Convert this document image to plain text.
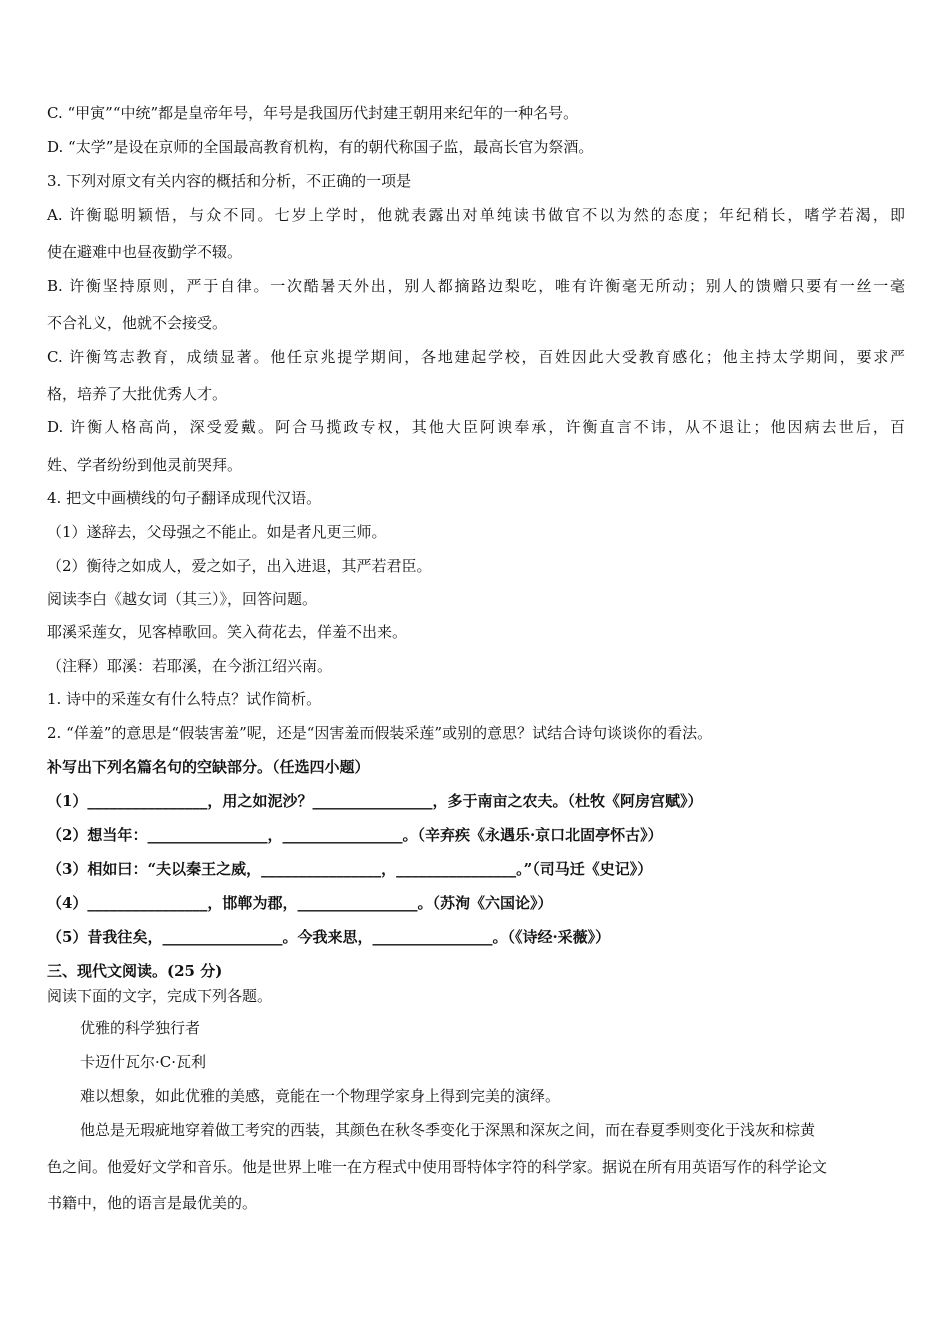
C. “甲寅”“中统”都是皇帝年号，年号是我国历代封建王朝用来纪年的一种名号。
D. “太学”是设在京师的全国最高教育机构，有的朝代称国子监，最高长官为祭酒。
3. 下列对原文有关内容的概括和分析，不正确的一项是
A. 许衡聪明颖悟，与众不同。七岁上学时，他就表露出对单纯读书做官不以为然的态度；年纪稍长，嗜学若渴，即
使在避难中也昼夜勤学不辍。
B. 许衡坚持原则，严于自律。一次酷暑天外出，别人都摘路边梨吃，唯有许衡毫无所动；别人的馈赠只要有一丝一毫
不合礼义，他就不会接受。
C. 许衡笃志教育，成绩显著。他任京兆提学期间，各地建起学校，百姓因此大受教育感化；他主持太学期间，要求严
格，培养了大批优秀人才。
D. 许衡人格高尚，深受爱戴。阿合马揽政专权，其他大臣阿谀奉承，许衡直言不讳，从不退让；他因病去世后，百
姓、学者纷纷到他灵前哭拜。
4. 把文中画横线的句子翻译成现代汉语。
（1）遂辞去，父母强之不能止。如是者凡更三师。
（2）衡待之如成人，爱之如子，出入进退，其严若君臣。
阅读李白《越女词（其三）》，回答问题。
耶溪采莲女，见客棹歌回。笑入荷花去，佯羞不出来。
（注释）耶溪：若耶溪，在今浙江绍兴南。
1. 诗中的采莲女有什么特点？试作简析。
2. “佯羞”的意思是“假装害羞”呢，还是“因害羞而假装采莲”或别的意思？试结合诗句谈谈你的看法。
补写出下列名篇名句的空缺部分。（任选四小题）
（1）________________，用之如泥沙？________________，多于南亩之农夫。（杜牧《阿房宫赋》）
（2）想当年：________________，________________。（辛弃疾《永遇乐·京口北固亭怀古》）
（3）相如曰：“夫以秦王之威，________________，________________。”（司马迁《史记》）
（4）________________，邯郸为郡，________________。（苏洵《六国论》）
（5）昔我往矣，________________。今我来思，________________。（《诗经·采薇》）
三、现代文阅读。(25 分)
阅读下面的文字，完成下列各题。
优雅的科学独行者
卡迈什瓦尔·C·瓦利
难以想象，如此优雅的美感，竟能在一个物理学家身上得到完美的演绎。
他总是无瑕疵地穿着做工考究的西装，其颜色在秋冬季变化于深黑和深灰之间，而在春夏季则变化于浅灰和棕黄
色之间。他爱好文学和音乐。他是世界上唯一在方程式中使用哥特体字符的科学家。据说在所有用英语写作的科学论文
书籍中，他的语言是最优美的。
